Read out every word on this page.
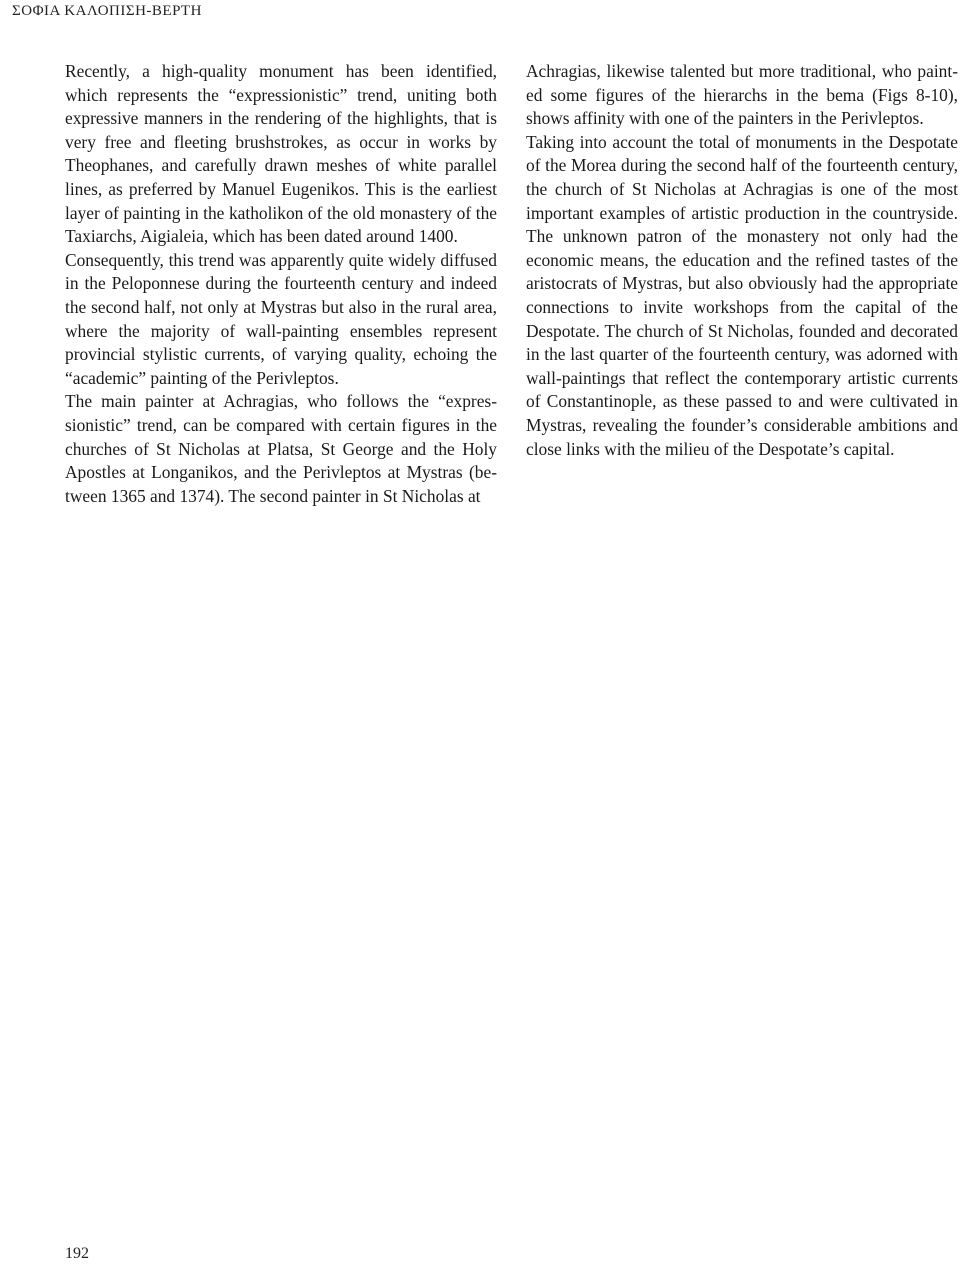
ΣΟΦΙΑ ΚΑΛΟΠΙΣΗ-ΒΕΡΤΗ

Recently, a high-quality monument has been identified, which represents the “expressionistic” trend, uniting both expressive manners in the rendering of the highlights, that is very free and fleeting brushstrokes, as occur in works by Theophanes, and carefully drawn meshes of white parallel lines, as preferred by Manuel Eugenikos. This is the earliest layer of painting in the katholikon of the old monastery of the Taxiarchs, Aigialeia, which has been dated around 1400.

Consequently, this trend was apparently quite widely diffused in the Peloponnese during the fourteenth century and indeed the second half, not only at Mystras but also in the rural area, where the majority of wall-painting ensembles represent provincial stylistic currents, of varying quality, echoing the “academic” painting of the Perivleptos.

The main painter at Achragias, who follows the “expressionistic” trend, can be compared with certain figures in the churches of St Nicholas at Platsa, St George and the Holy Apostles at Longanikos, and the Perivleptos at Mystras (between 1365 and 1374). The second painter in St Nicholas at

Achragias, likewise talented but more traditional, who painted some figures of the hierarchs in the bema (Figs 8-10), shows affinity with one of the painters in the Perivleptos.

Taking into account the total of monuments in the Despotate of the Morea during the second half of the fourteenth century, the church of St Nicholas at Achragias is one of the most important examples of artistic production in the countryside. The unknown patron of the monastery not only had the economic means, the education and the refined tastes of the aristocrats of Mystras, but also obviously had the appropriate connections to invite workshops from the capital of the Despotate. The church of St Nicholas, founded and decorated in the last quarter of the fourteenth century, was adorned with wall-paintings that reflect the contemporary artistic currents of Constantinople, as these passed to and were cultivated in Mystras, revealing the founder’s considerable ambitions and close links with the milieu of the Despotate’s capital.

192
